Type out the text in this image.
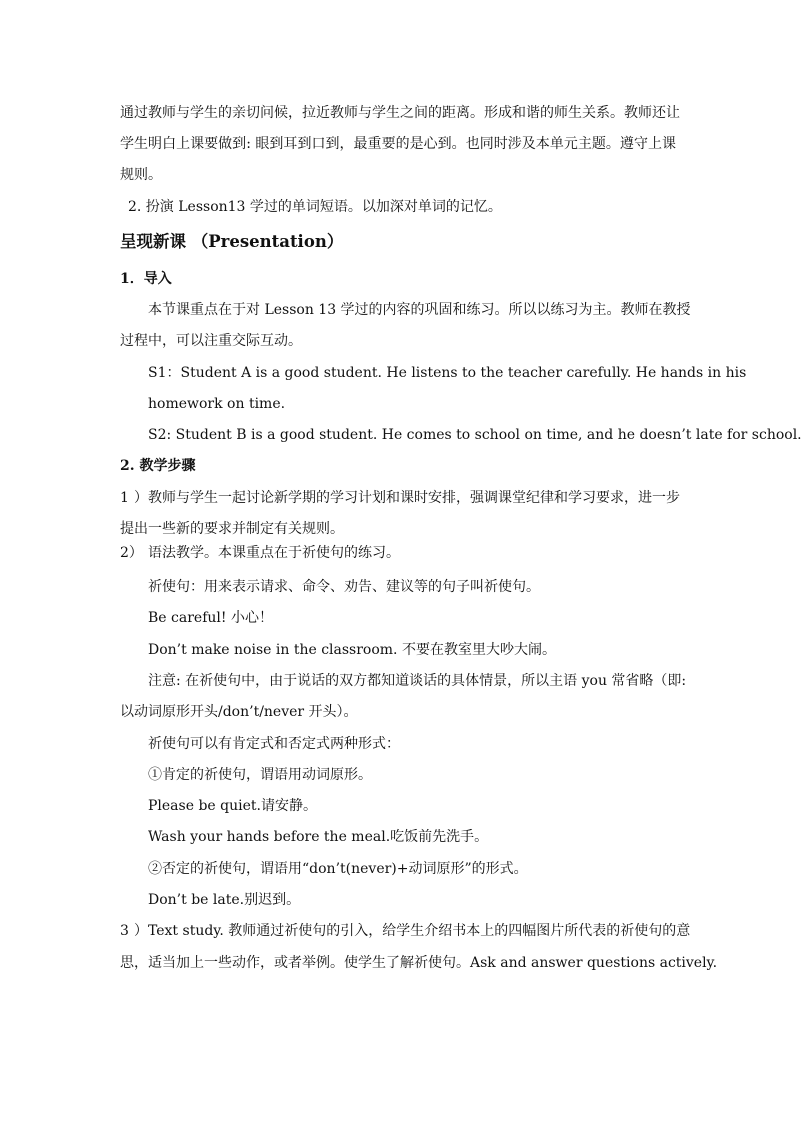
通过教师与学生的亲切问候，拉近教师与学生之间的距离。形成和谐的师生关系。教师还让
学生明白上课要做到: 眼到耳到口到，最重要的是心到。也同时涉及本单元主题。遵守上课
规则。
2. 扮演 Lesson13 学过的单词短语。以加深对单词的记忆。
呈现新课 （Presentation）
1．导入
本节课重点在于对 Lesson 13 学过的内容的巩固和练习。所以以练习为主。教师在教授
过程中，可以注重交际互动。
S1：Student A is a good student. He listens to the teacher carefully. He hands in his
homework on time.
S2: Student B is a good student. He comes to school on time, and he doesn’t late for school.
2. 教学步骤
1）教师与学生一起讨论新学期的学习计划和课时安排，强调课堂纪律和学习要求，进一步
提出一些新的要求并制定有关规则。
2） 语法教学。本课重点在于祈使句的练习。
祈使句：用来表示请求、命令、劝告、建议等的句子叫祈使句。
Be careful! 小心！
Don’t make noise in the classroom. 不要在教室里大吵大闹。
注意: 在祈使句中，由于说话的双方都知道谈话的具体情景，所以主语 you 常省略（即:
以动词原形开头/don’t/never 开头）。
祈使句可以有肯定式和否定式两种形式：
①肯定的祈使句，谓语用动词原形。
Please be quiet.请安静。
Wash your hands before the meal.吃饭前先洗手。
②否定的祈使句，谓语用“don’t(never)+动词原形”的形式。
Don’t be late.别迟到。
3）Text study. 教师通过祈使句的引入，给学生介绍书本上的四幅图片所代表的祈使句的意
思，适当加上一些动作，或者举例。使学生了解祈使句。Ask and answer questions actively.
